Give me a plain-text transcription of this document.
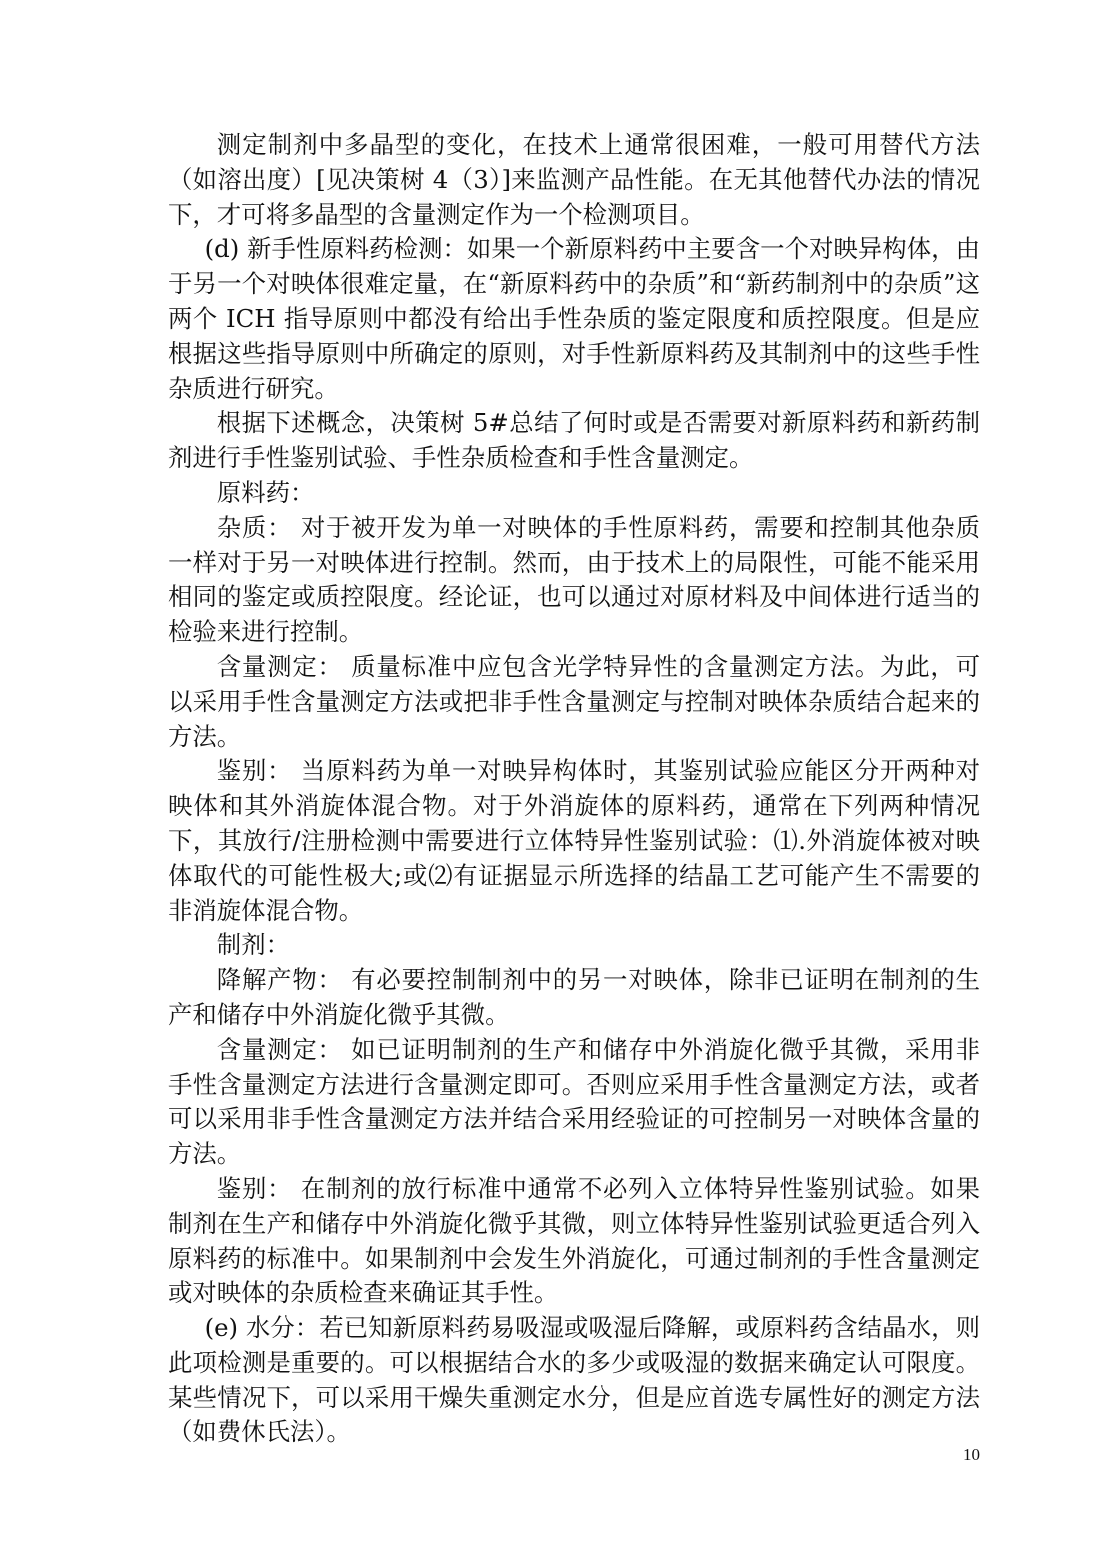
测定制剂中多晶型的变化，在技术上通常很困难，一般可用替代方法（如溶出度）[见决策树 4（3）]来监测产品性能。在无其他替代办法的情况下，才可将多晶型的含量测定作为一个检测项目。

(d) 新手性原料药检测：如果一个新原料药中主要含一个对映异构体，由于另一个对映体很难定量，在“新原料药中的杂质”和“新药制剂中的杂质”这两个 ICH 指导原则中都没有给出手性杂质的鉴定限度和质控限度。但是应根据这些指导原则中所确定的原则，对手性新原料药及其制剂中的这些手性杂质进行研究。

根据下述概念，决策树 5#总结了何时或是否需要对新原料药和新药制剂进行手性鉴别试验、手性杂质检查和手性含量测定。

原料药：

杂质： 对于被开发为单一对映体的手性原料药，需要和控制其他杂质一样对于另一对映体进行控制。然而，由于技术上的局限性，可能不能采用相同的鉴定或质控限度。经论证，也可以通过对原材料及中间体进行适当的检验来进行控制。

含量测定： 质量标准中应包含光学特异性的含量测定方法。为此，可以采用手性含量测定方法或把非手性含量测定与控制对映体杂质结合起来的方法。

鉴别： 当原料药为单一对映异构体时，其鉴别试验应能区分开两种对映体和其外消旋体混合物。对于外消旋体的原料药，通常在下列两种情况下，其放行/注册检测中需要进行立体特异性鉴别试验：⑴.外消旋体被对映体取代的可能性极大;或⑵有证据显示所选择的结晶工艺可能产生不需要的非消旋体混合物。

制剂：

降解产物： 有必要控制制剂中的另一对映体，除非已证明在制剂的生产和储存中外消旋化微乎其微。

含量测定： 如已证明制剂的生产和储存中外消旋化微乎其微，采用非手性含量测定方法进行含量测定即可。否则应采用手性含量测定方法，或者可以采用非手性含量测定方法并结合采用经验证的可控制另一对映体含量的方法。

鉴别： 在制剂的放行标准中通常不必列入立体特异性鉴别试验。如果制剂在生产和储存中外消旋化微乎其微，则立体特异性鉴别试验更适合列入原料药的标准中。如果制剂中会发生外消旋化，可通过制剂的手性含量测定或对映体的杂质检查来确证其手性。

(e) 水分：若已知新原料药易吸湿或吸湿后降解，或原料药含结晶水，则此项检测是重要的。可以根据结合水的多少或吸湿的数据来确定认可限度。某些情况下，可以采用干燥失重测定水分，但是应首选专属性好的测定方法（如费休氏法）。

10
